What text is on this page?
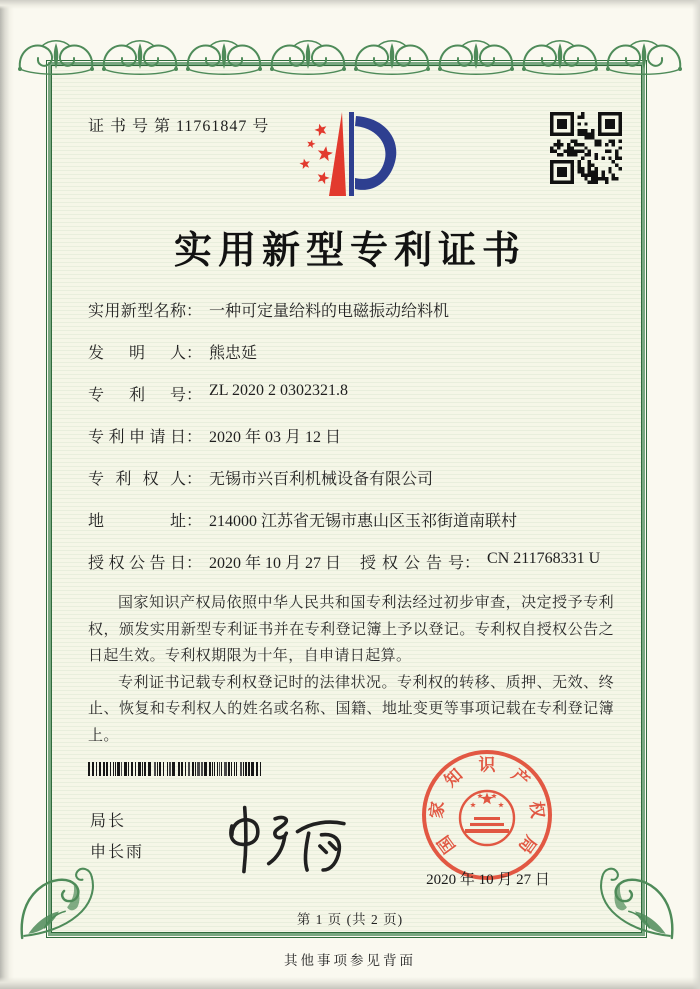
证 书 号 第 11761847 号
实用新型专利证书
实用新型名称： 一种可定量给料的电磁振动给料机
发明人： 熊忠延
专利号： ZL 2020 2 0302321.8
专利申请日： 2020 年 03 月 12 日
专利权人： 无锡市兴百利机械设备有限公司
地址： 214000 江苏省无锡市惠山区玉祁街道南联村
授权公告日： 2020 年 10 月 27 日 授权公告号： CN 211768331 U

国家知识产权局依照中华人民共和国专利法经过初步审查，决定授予专利权，颁发实用新型专利证书并在专利登记簿上予以登记。专利权自授权公告之日起生效。专利权期限为十年，自申请日起算。

专利证书记载专利权登记时的法律状况。专利权的转移、质押、无效、终止、恢复和专利权人的姓名或名称、国籍、地址变更等事项记载在专利登记簿上。

局长
申长雨	国
家
知
识
产
权
局
2020 年 10 月 27 日
第 1 页 (共 2 页)
其他事项参见背面
